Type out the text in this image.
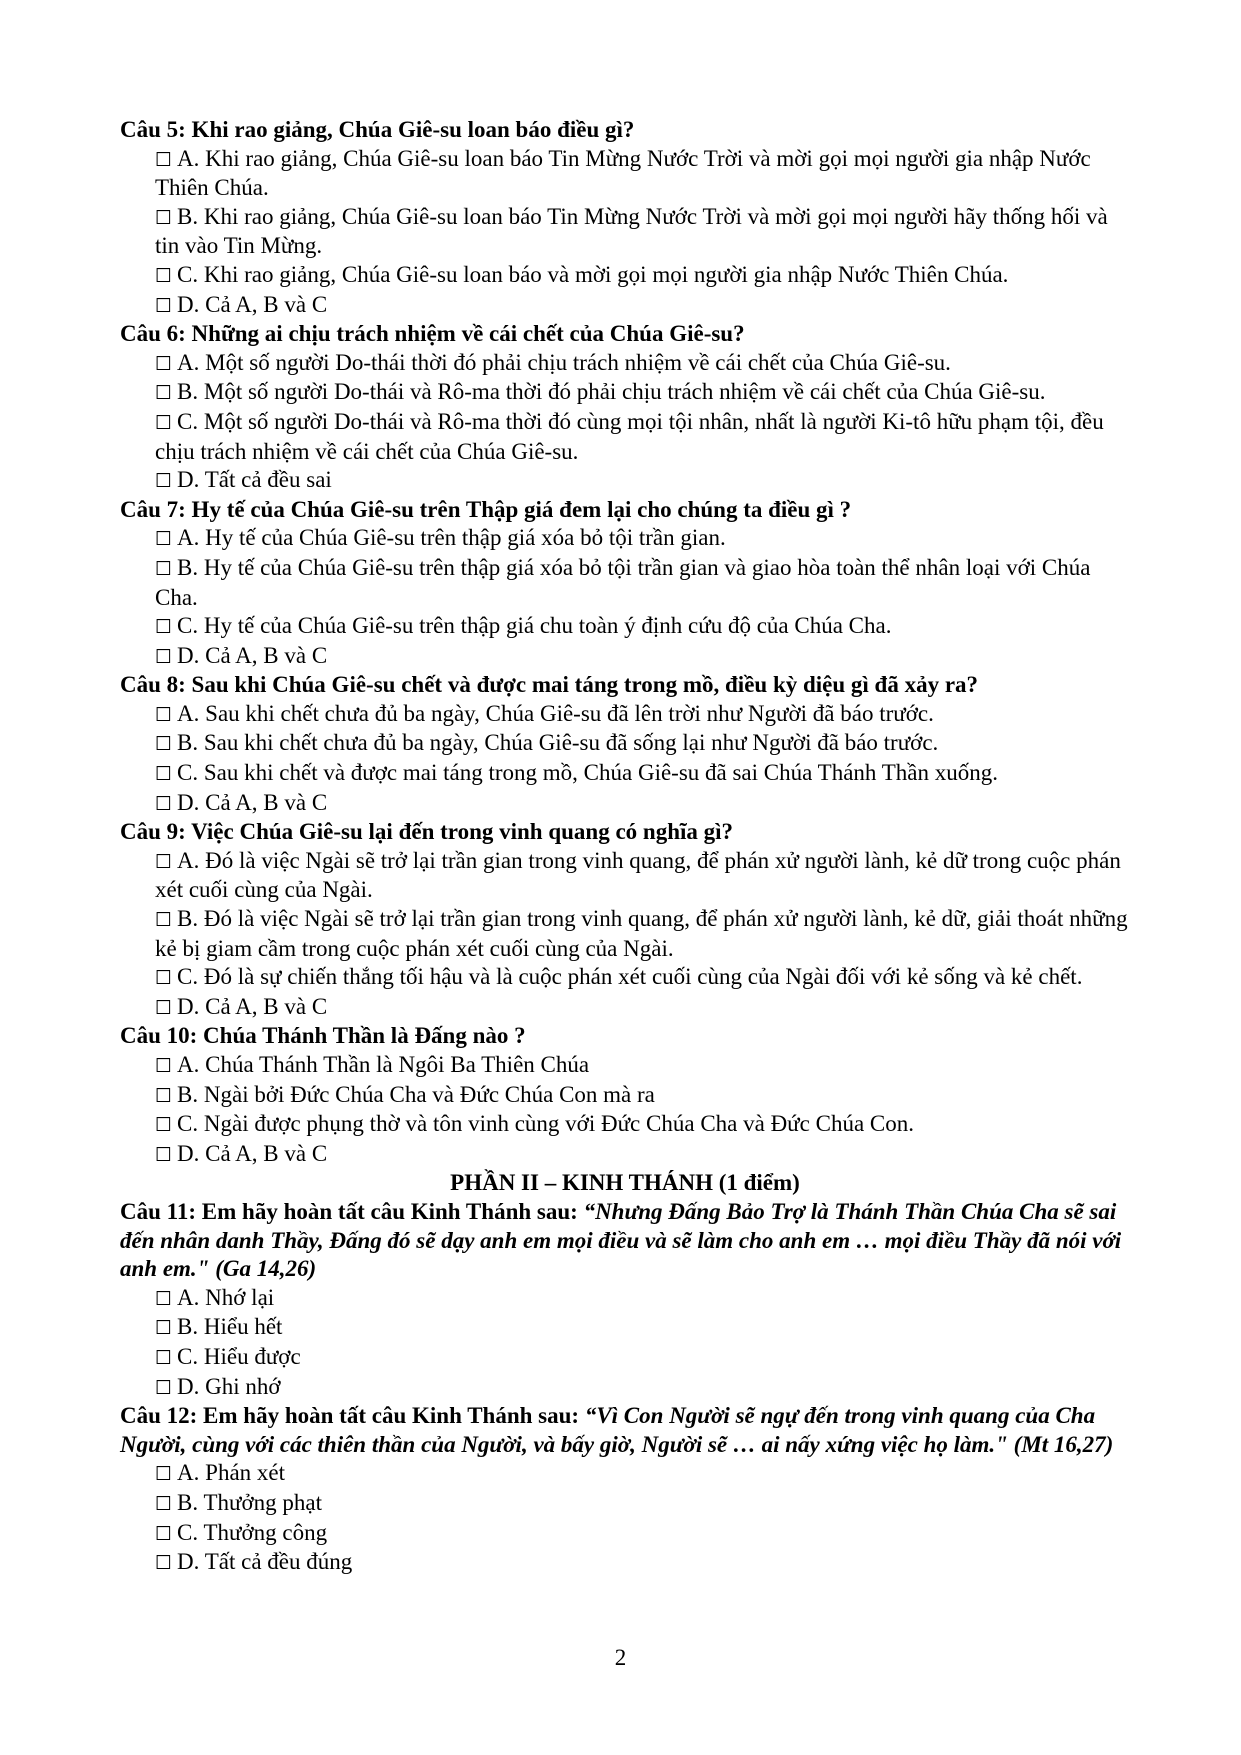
Câu 5: Khi rao giảng, Chúa Giê-su loan báo điều gì?

☐ A. Khi rao giảng, Chúa Giê-su loan báo Tin Mừng Nước Trời và mời gọi mọi người gia nhập Nước Thiên Chúa.

☐ B. Khi rao giảng, Chúa Giê-su loan báo Tin Mừng Nước Trời và mời gọi mọi người hãy thống hối và tin vào Tin Mừng.

☐ C. Khi rao giảng, Chúa Giê-su loan báo và mời gọi mọi người gia nhập Nước Thiên Chúa.

☐ D. Cả A, B và C

Câu 6: Những ai chịu trách nhiệm về cái chết của Chúa Giê-su?

☐ A. Một số người Do-thái thời đó phải chịu trách nhiệm về cái chết của Chúa Giê-su.

☐ B. Một số người Do-thái và Rô-ma thời đó phải chịu trách nhiệm về cái chết của Chúa Giê-su.

☐ C. Một số người Do-thái và Rô-ma thời đó cùng mọi tội nhân, nhất là người Ki-tô hữu phạm tội, đều chịu trách nhiệm về cái chết của Chúa Giê-su.

☐ D. Tất cả đều sai

Câu 7: Hy tế của Chúa Giê-su trên Thập giá đem lại cho chúng ta điều gì ?

☐ A. Hy tế của Chúa Giê-su trên thập giá xóa bỏ tội trần gian.

☐ B. Hy tế của Chúa Giê-su trên thập giá xóa bỏ tội trần gian và giao hòa toàn thể nhân loại với Chúa Cha.

☐ C. Hy tế của Chúa Giê-su trên thập giá chu toàn ý định cứu độ của Chúa Cha.

☐ D. Cả A, B và C

Câu 8: Sau khi Chúa Giê-su chết và được mai táng trong mồ, điều kỳ diệu gì đã xảy ra?

☐ A. Sau khi chết chưa đủ ba ngày, Chúa Giê-su đã lên trời như Người đã báo trước.

☐ B. Sau khi chết chưa đủ ba ngày, Chúa Giê-su đã sống lại như Người đã báo trước.

☐ C. Sau khi chết và được mai táng trong mồ, Chúa Giê-su đã sai Chúa Thánh Thần xuống.

☐ D. Cả A, B và C

Câu 9: Việc Chúa Giê-su lại đến trong vinh quang có nghĩa gì?

☐ A. Đó là việc Ngài sẽ trở lại trần gian trong vinh quang, để phán xử người lành, kẻ dữ trong cuộc phán xét cuối cùng của Ngài.

☐ B. Đó là việc Ngài sẽ trở lại trần gian trong vinh quang, để phán xử người lành, kẻ dữ, giải thoát những kẻ bị giam cầm trong cuộc phán xét cuối cùng của Ngài.

☐ C. Đó là sự chiến thắng tối hậu và là cuộc phán xét cuối cùng của Ngài đối với kẻ sống và kẻ chết.

☐ D. Cả A, B và C

Câu 10: Chúa Thánh Thần là Đấng nào ?

☐ A. Chúa Thánh Thần là Ngôi Ba Thiên Chúa

☐ B. Ngài bởi Đức Chúa Cha và Đức Chúa Con mà ra

☐ C. Ngài được phụng thờ và tôn vinh cùng với Đức Chúa Cha và Đức Chúa Con.

☐ D. Cả A, B và C

PHẦN II – KINH THÁNH (1 điểm)

Câu 11: Em hãy hoàn tất câu Kinh Thánh sau: “Nhưng Đấng Bảo Trợ là Thánh Thần Chúa Cha sẽ sai đến nhân danh Thầy, Đấng đó sẽ dạy anh em mọi điều và sẽ làm cho anh em … mọi điều Thầy đã nói với anh em." (Ga 14,26)

☐ A. Nhớ lại

☐ B. Hiểu hết

☐ C. Hiểu được

☐ D. Ghi nhớ

Câu 12: Em hãy hoàn tất câu Kinh Thánh sau: “Vì Con Người sẽ ngự đến trong vinh quang của Cha Người, cùng với các thiên thần của Người, và bấy giờ, Người sẽ … ai nấy xứng việc họ làm." (Mt 16,27)

☐ A. Phán xét

☐ B. Thưởng phạt

☐ C. Thưởng công

☐ D. Tất cả đều đúng

2
